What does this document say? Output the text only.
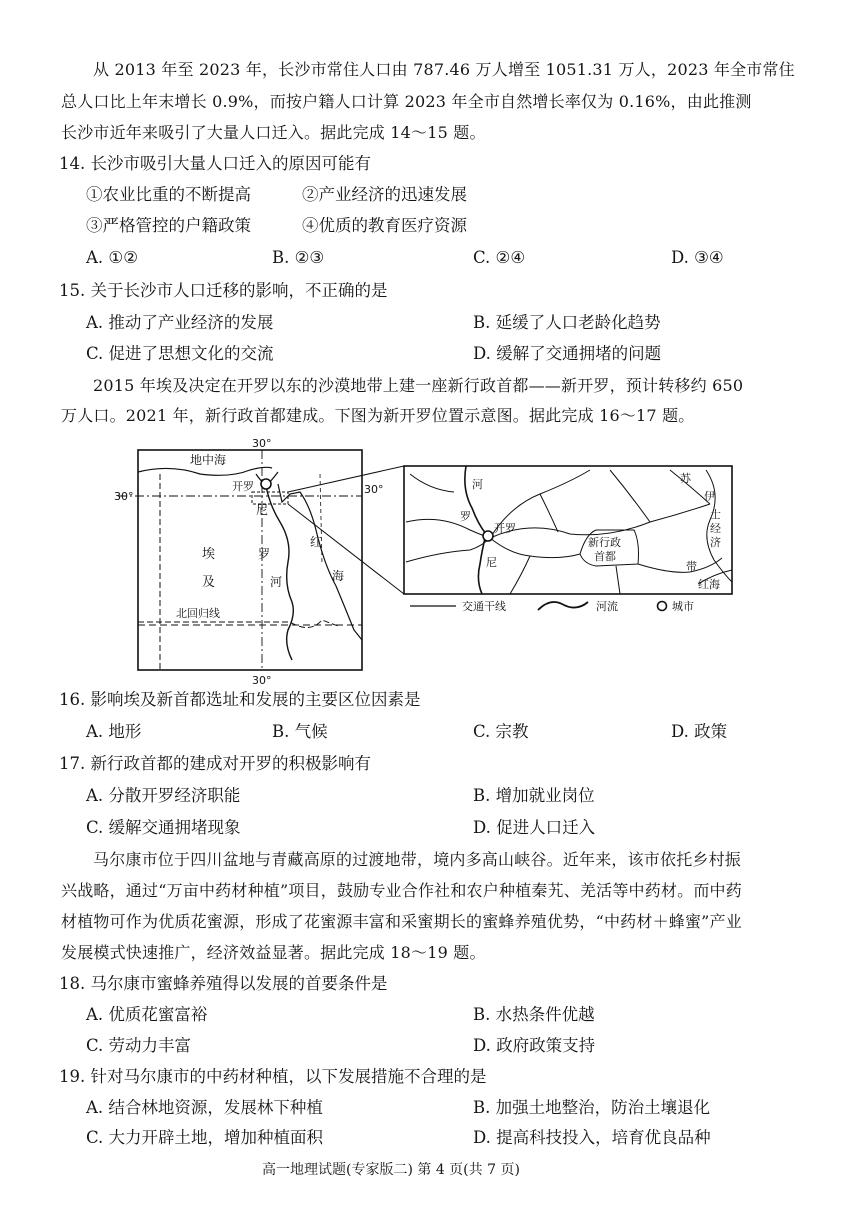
从 2013 年至 2023 年，长沙市常住人口由 787.46 万人增至 1051.31 万人，2023 年全市常住
总人口比上年末增长 0.9%，而按户籍人口计算 2023 年全市自然增长率仅为 0.16%，由此推测
长沙市近年来吸引了大量人口迁入。据此完成 14～15 题。
14. 长沙市吸引大量人口迁入的原因可能有
①农业比重的不断提高	②产业经济的迅速发展
③严格管控的户籍政策	④优质的教育医疗资源
A. ①②	B. ②③	C. ②④	D. ③④
15. 关于长沙市人口迁移的影响，不正确的是
A. 推动了产业经济的发展	B. 延缓了人口老龄化趋势
C. 促进了思想文化的交流	D. 缓解了交通拥堵的问题
2015 年埃及决定在开罗以东的沙漠地带上建一座新行政首都——新开罗，预计转移约 650
万人口。2021 年，新行政首都建成。下图为新开罗位置示意图。据此完成 16～17 题。
30°
30°
30°
30°
地中海
开罗
埃
及
尼
罗
河
红
海
北回归线
河
罗
尼
开罗
新行政
首都
苏
伊
士
经
济
带
红海
交通干线	河流	城市
16. 影响埃及新首都选址和发展的主要区位因素是
A. 地形	B. 气候	C. 宗教	D. 政策
17. 新行政首都的建成对开罗的积极影响有
A. 分散开罗经济职能	B. 增加就业岗位
C. 缓解交通拥堵现象	D. 促进人口迁入
马尔康市位于四川盆地与青藏高原的过渡地带，境内多高山峡谷。近年来，该市依托乡村振
兴战略，通过“万亩中药材种植”项目，鼓励专业合作社和农户种植秦艽、羌活等中药材。而中药
材植物可作为优质花蜜源，形成了花蜜源丰富和采蜜期长的蜜蜂养殖优势，“中药材＋蜂蜜”产业
发展模式快速推广，经济效益显著。据此完成 18～19 题。
18. 马尔康市蜜蜂养殖得以发展的首要条件是
A. 优质花蜜富裕	B. 水热条件优越
C. 劳动力丰富	D. 政府政策支持
19. 针对马尔康市的中药材种植，以下发展措施不合理的是
A. 结合林地资源，发展林下种植	B. 加强土地整治，防治土壤退化
C. 大力开辟土地，增加种植面积	D. 提高科技投入，培育优良品种
高一地理试题(专家版二) 第 4 页(共 7 页)
